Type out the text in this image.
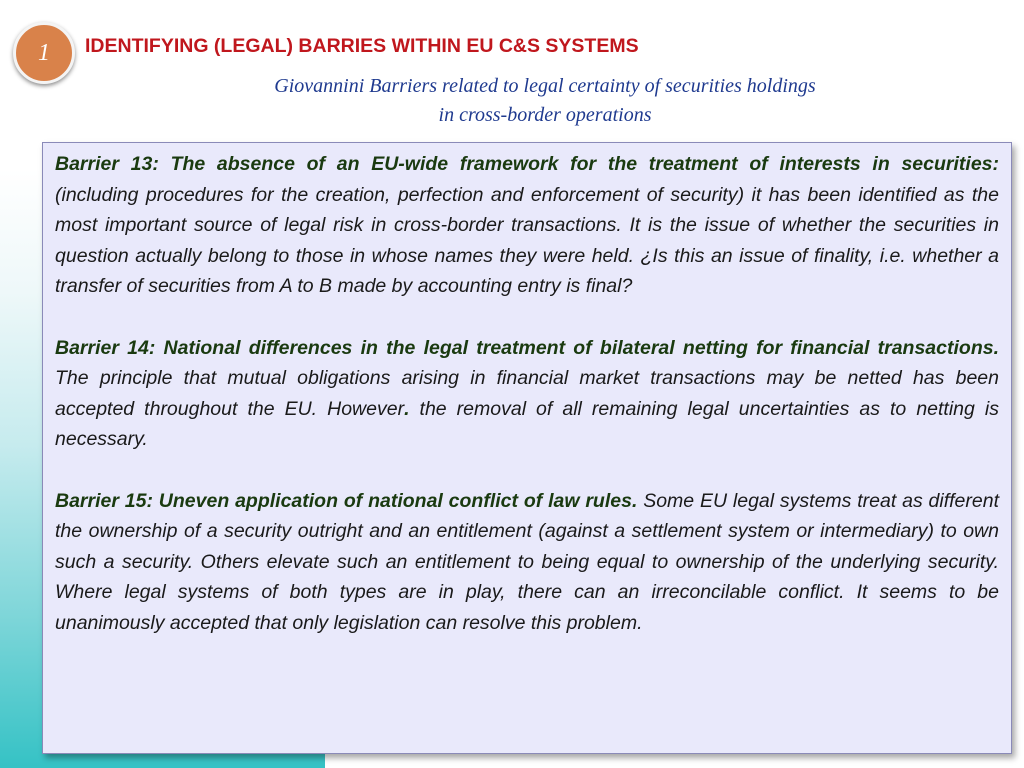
1 IDENTIFYING (LEGAL) BARRIES WITHIN EU C&S SYSTEMS
Giovannini Barriers related to legal certainty of securities holdings
in cross-border operations

Barrier 13: The absence of an EU-wide framework for the treatment of interests in securities: (including procedures for the creation, perfection and enforcement of security) it has been identified as the most important source of legal risk in cross-border transactions. It is the issue of whether the securities in question actually belong to those in whose names they were held. ¿Is this an issue of finality, i.e. whether a transfer of securities from A to B made by accounting entry is final?

Barrier 14: National differences in the legal treatment of bilateral netting for financial transactions. The principle that mutual obligations arising in financial market transactions may be netted has been accepted throughout the EU. However. the removal of all remaining legal uncertainties as to netting is necessary.

Barrier 15: Uneven application of national conflict of law rules. Some EU legal systems treat as different the ownership of a security outright and an entitlement (against a settlement system or intermediary) to own such a security. Others elevate such an entitlement to being equal to ownership of the underlying security. Where legal systems of both types are in play, there can an irreconcilable conflict. It seems to be unanimously accepted that only legislation can resolve this problem.
